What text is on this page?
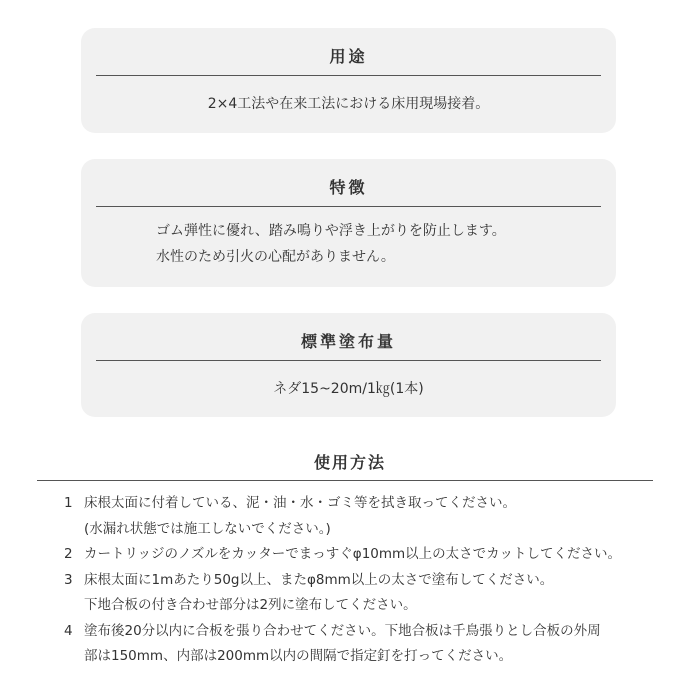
用途
2×4工法や在来工法における床用現場接着。
特徴
ゴム弾性に優れ、踏み鳴りや浮き上がりを防止します。
水性のため引火の心配がありません。
標準塗布量
ネダ15~20m/1㎏(1本)
使用方法
1 床根太面に付着している、泥・油・水・ゴミ等を拭き取ってください。
(水漏れ状態では施工しないでください。)
2 カートリッジのノズルをカッターでまっすぐφ10mm以上の太さでカットしてください。
3 床根太面に1mあたり50g以上、またφ8mm以上の太さで塗布してください。
下地合板の付き合わせ部分は2列に塗布してください。
4 塗布後20分以内に合板を張り合わせてください。下地合板は千鳥張りとし合板の外周
部は150mm、内部は200mm以内の間隔で指定釘を打ってください。
